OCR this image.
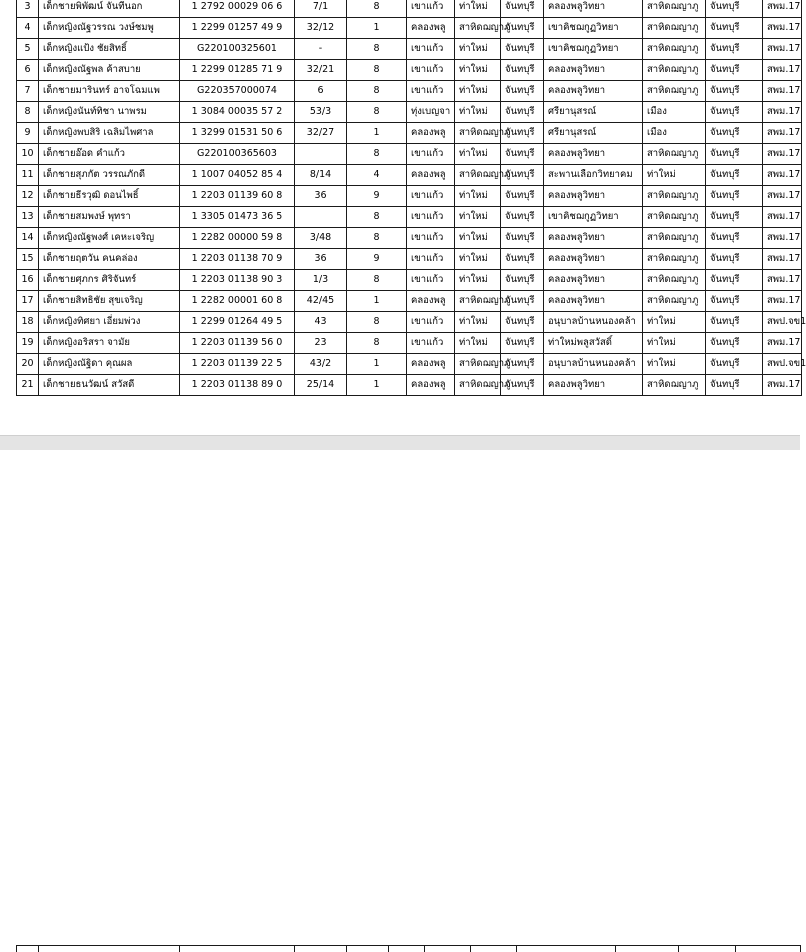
3	เด็กชายพิพัฒน์ จันทีนอก	1 2792 00029 06 6	7/1	8	เขาแก้ว	ท่าใหม่	จันทบุรี	คลองพลูวิทยา	สาหิดฌญาภู	จันทบุรี	สพม.17
4	เด็กหญิงณัฐวรรณ วงษ์ชมพู	1 2299 01257 49 9	32/12	1	คลองพลู	สาหิดฌญาภู	จันทบุรี	เขาคิชฌกูฏวิทยา	สาหิดฌญาภู	จันทบุรี	สพม.17
5	เด็กหญิงแป้ง ชัยสิทธิ์	G220100325601	-	8	เขาแก้ว	ท่าใหม่	จันทบุรี	เขาคิชฌกูฏวิทยา	สาหิดฌญาภู	จันทบุรี	สพม.17
6	เด็กหญิงณัฐพล ค้าสบาย	1 2299 01285 71 9	32/21	8	เขาแก้ว	ท่าใหม่	จันทบุรี	คลองพลูวิทยา	สาหิดฌญาภู	จันทบุรี	สพม.17
7	เด็กชายมารินทร์ อาจโฉมแพ	G220357000074	6	8	เขาแก้ว	ท่าใหม่	จันทบุรี	คลองพลูวิทยา	สาหิดฌญาภู	จันทบุรี	สพม.17
8	เด็กหญิงนันท์ทิชา นาพรม	1 3084 00035 57 2	53/3	8	ทุ่งเบญจา	ท่าใหม่	จันทบุรี	ศรียานุสรณ์	เมือง	จันทบุรี	สพม.17
9	เด็กหญิงพบสิริ เฉลิมไพศาล	1 3299 01531 50 6	32/27	1	คลองพลู	สาหิดฌญาภู	จันทบุรี	ศรียานุสรณ์	เมือง	จันทบุรี	สพม.17
10	เด็กชายอ๊อด คำแก้ว	G220100365603		8	เขาแก้ว	ท่าใหม่	จันทบุรี	คลองพลูวิทยา	สาหิดฌญาภู	จันทบุรี	สพม.17
11	เด็กชายสุภกัต วรรณภักดี	1 1007 04052 85 4	8/14	4	คลองพลู	สาหิดฌญาภู	จันทบุรี	สะพานเลือกวิทยาคม	ท่าใหม่	จันทบุรี	สพม.17
12	เด็กชายธีรวุฒิ ดอนไพธิ์	1 2203 01139 60 8	36	9	เขาแก้ว	ท่าใหม่	จันทบุรี	คลองพลูวิทยา	สาหิดฌญาภู	จันทบุรี	สพม.17
13	เด็กชายสมพงษ์ พุทรา	1 3305 01473 36 5		8	เขาแก้ว	ท่าใหม่	จันทบุรี	เขาคิชฌกูฏวิทยา	สาหิดฌญาภู	จันทบุรี	สพม.17
14	เด็กหญิงณัฐพงศ์ เคหะเจริญ	1 2282 00000 59 8	3/48	8	เขาแก้ว	ท่าใหม่	จันทบุรี	คลองพลูวิทยา	สาหิดฌญาภู	จันทบุรี	สพม.17
15	เด็กชายฤตวัน คนคล่อง	1 2203 01138 70 9	36	9	เขาแก้ว	ท่าใหม่	จันทบุรี	คลองพลูวิทยา	สาหิดฌญาภู	จันทบุรี	สพม.17
16	เด็กชายศุภกร ศิริจันทร์	1 2203 01138 90 3	1/3	8	เขาแก้ว	ท่าใหม่	จันทบุรี	คลองพลูวิทยา	สาหิดฌญาภู	จันทบุรี	สพม.17
17	เด็กชายสิทธิชัย สุขเจริญ	1 2282 00001 60 8	42/45	1	คลองพลู	สาหิดฌญาภู	จันทบุรี	คลองพลูวิทยา	สาหิดฌญาภู	จันทบุรี	สพม.17
18	เด็กหญิงทิศยา เอี่ยมพ่วง	1 2299 01264 49 5	43	8	เขาแก้ว	ท่าใหม่	จันทบุรี	อนุบาลบ้านหนองคล้า	ท่าใหม่	จันทบุรี	สพป.จข1
19	เด็กหญิงอริสรา จามัย	1 2203 01139 56 0	23	8	เขาแก้ว	ท่าใหม่	จันทบุรี	ท่าใหม่พลูสวัสดิ์	ท่าใหม่	จันทบุรี	สพม.17
20	เด็กหญิงณัฐิดา คุณผล	1 2203 01139 22 5	43/2	1	คลองพลู	สาหิดฌญาภู	จันทบุรี	อนุบาลบ้านหนองคล้า	ท่าใหม่	จันทบุรี	สพป.จข1
21	เด็กชายธนวัฒน์ สวัสดี	1 2203 01138 89 0	25/14	1	คลองพลู	สาหิดฌญาภู	จันทบุรี	คลองพลูวิทยา	สาหิดฌญาภู	จันทบุรี	สพม.17
